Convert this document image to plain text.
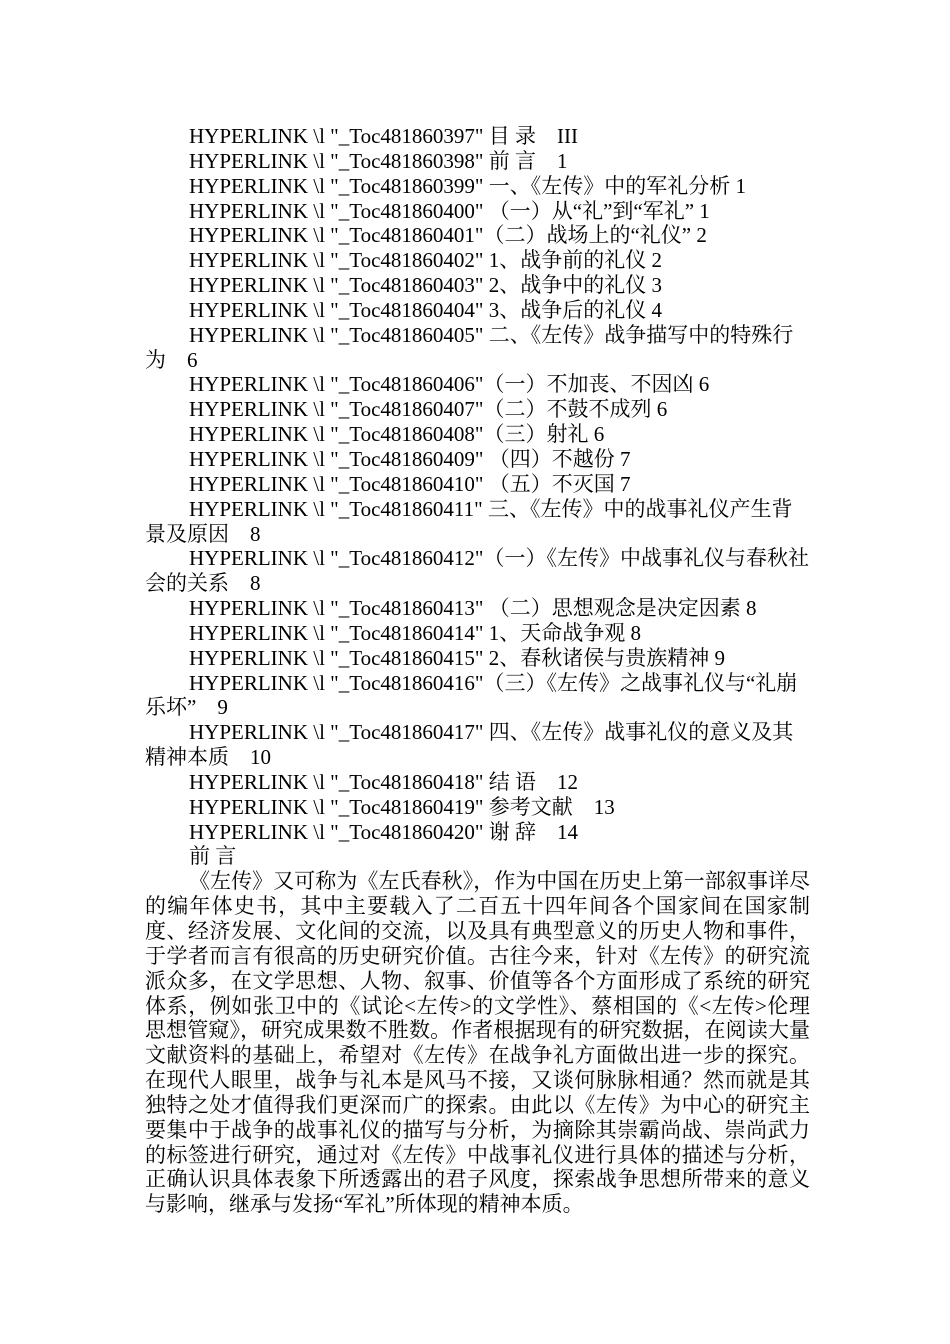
HYPERLINK \l "_Toc481860397" 目 录　III

HYPERLINK \l "_Toc481860398" 前 言　1

HYPERLINK \l "_Toc481860399" 一、《左传》中的军礼分析 1

HYPERLINK \l "_Toc481860400" （一）从“礼”到“军礼” 1

HYPERLINK \l "_Toc481860401"（二）战场上的“礼仪” 2

HYPERLINK \l "_Toc481860402" 1、战争前的礼仪 2

HYPERLINK \l "_Toc481860403" 2、战争中的礼仪 3

HYPERLINK \l "_Toc481860404" 3、战争后的礼仪 4

HYPERLINK \l "_Toc481860405" 二、《左传》战争描写中的特殊行为　6

HYPERLINK \l "_Toc481860406"（一）不加丧、不因凶 6

HYPERLINK \l "_Toc481860407"（二）不鼓不成列 6

HYPERLINK \l "_Toc481860408"（三）射礼 6

HYPERLINK \l "_Toc481860409" （四）不越份 7

HYPERLINK \l "_Toc481860410" （五）不灭国 7

HYPERLINK \l "_Toc481860411" 三、《左传》中的战事礼仪产生背景及原因　8

HYPERLINK \l "_Toc481860412"（一）《左传》中战事礼仪与春秋社会的关系　8

HYPERLINK \l "_Toc481860413" （二）思想观念是决定因素 8

HYPERLINK \l "_Toc481860414" 1、天命战争观 8

HYPERLINK \l "_Toc481860415" 2、春秋诸侯与贵族精神 9

HYPERLINK \l "_Toc481860416"（三）《左传》之战事礼仪与“礼崩乐坏”　9

HYPERLINK \l "_Toc481860417" 四、《左传》战事礼仪的意义及其精神本质　10

HYPERLINK \l "_Toc481860418" 结 语　12

HYPERLINK \l "_Toc481860419" 参考文献　13

HYPERLINK \l "_Toc481860420" 谢 辞　14

前 言

《左传》又可称为《左氏春秋》，作为中国在历史上第一部叙事详尽的编年体史书，其中主要载入了二百五十四年间各个国家间在国家制度、经济发展、文化间的交流，以及具有典型意义的历史人物和事件，于学者而言有很高的历史研究价值。古往今来，针对《左传》的研究流派众多，在文学思想、人物、叙事、价值等各个方面形成了系统的研究体系，例如张卫中的《试论<左传>的文学性》、蔡相国的《<左传>伦理思想管窥》，研究成果数不胜数。作者根据现有的研究数据，在阅读大量文献资料的基础上，希望对《左传》在战争礼方面做出进一步的探究。在现代人眼里，战争与礼本是风马不接，又谈何脉脉相通？然而就是其独特之处才值得我们更深而广的探索。由此以《左传》为中心的研究主要集中于战争的战事礼仪的描写与分析，为摘除其崇霸尚战、崇尚武力的标签进行研究，通过对《左传》中战事礼仪进行具体的描述与分析，正确认识具体表象下所透露出的君子风度，探索战争思想所带来的意义与影响，继承与发扬“军礼”所体现的精神本质。
